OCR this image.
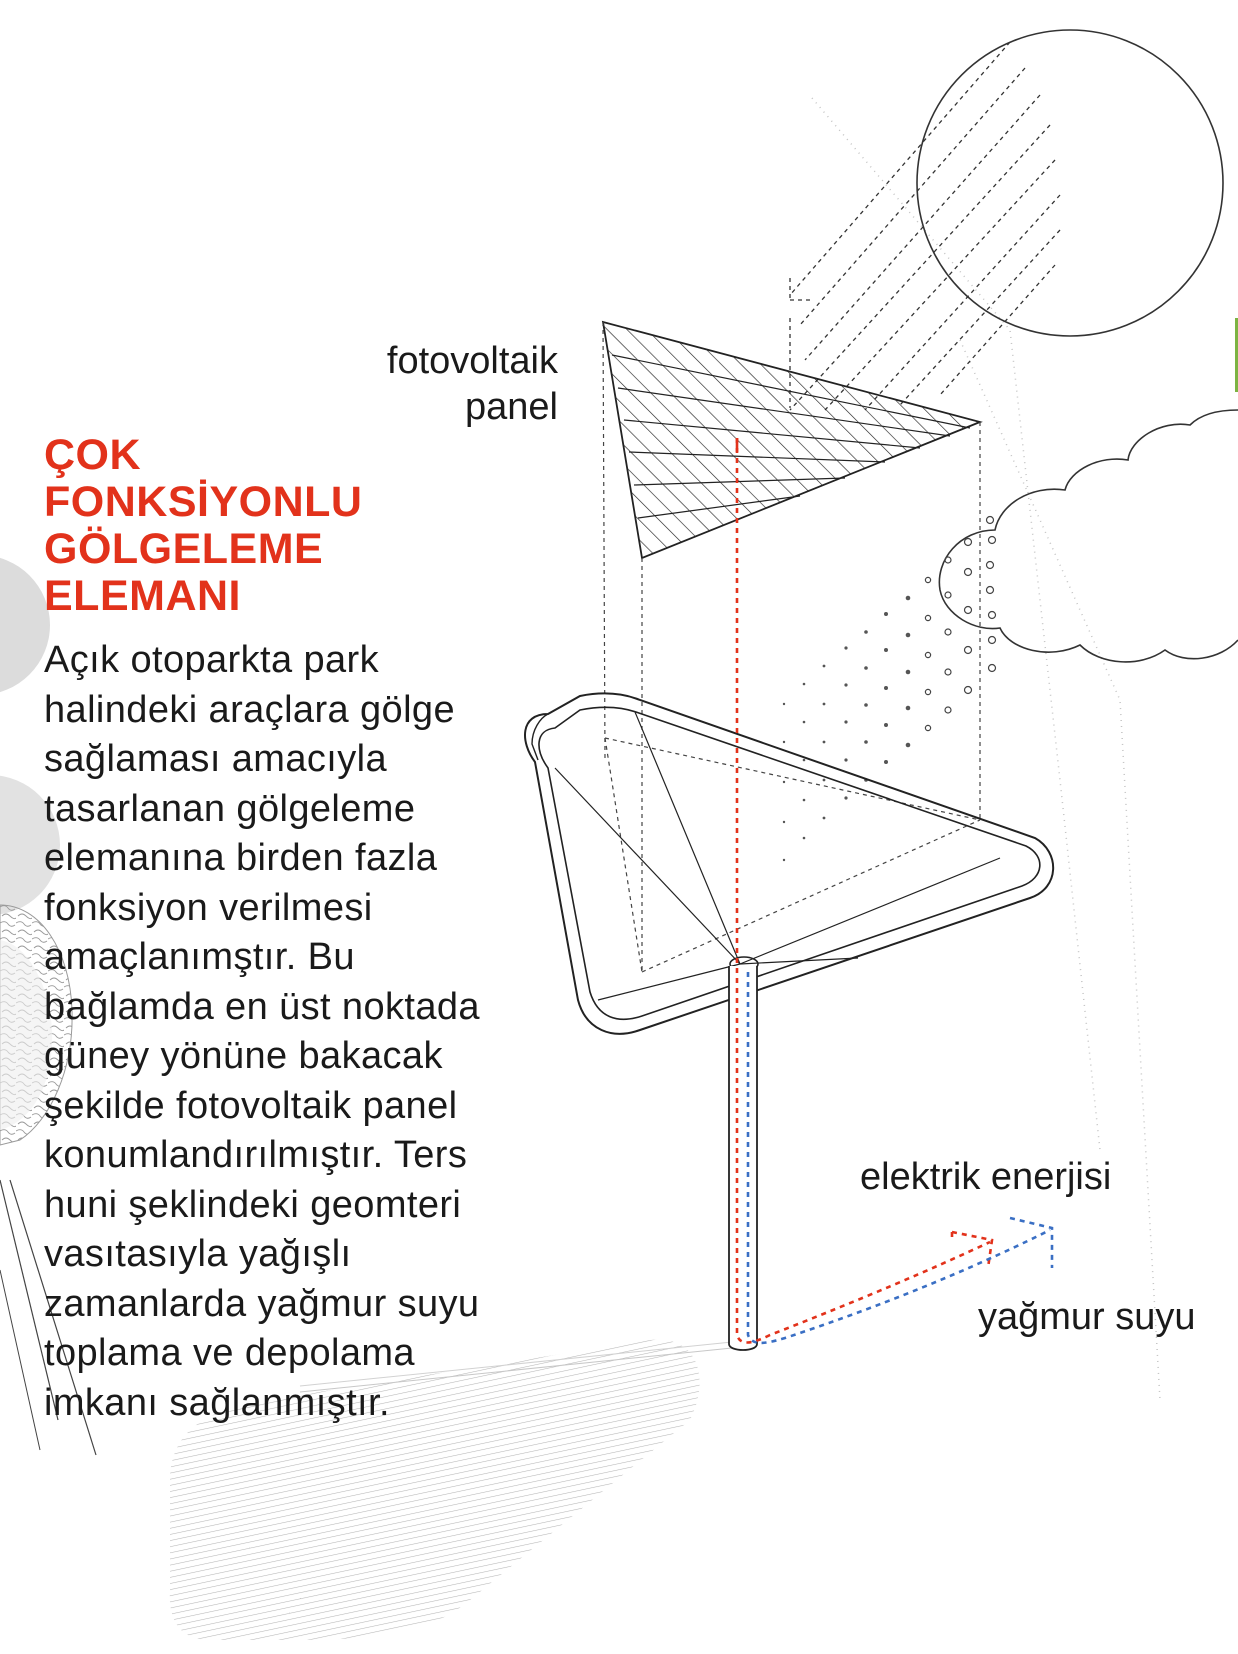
ÇOK
FONKSİYONLU
GÖLGELEME
ELEMANI

Açık otoparkta park
halindeki araçlara gölge
sağlaması amacıyla
tasarlanan gölgeleme
elemanına birden fazla
fonksiyon verilmesi
amaçlanımştır. Bu
bağlamda en üst noktada
güney yönüne bakacak
şekilde fotovoltaik panel
konumlandırılmıştır. Ters
huni şeklindeki geomteri
vasıtasıyla yağışlı
zamanlarda yağmur suyu
toplama ve depolama
imkanı sağlanmıştır.

fotovoltaik
panel
elektrik enerjisi
yağmur suyu
